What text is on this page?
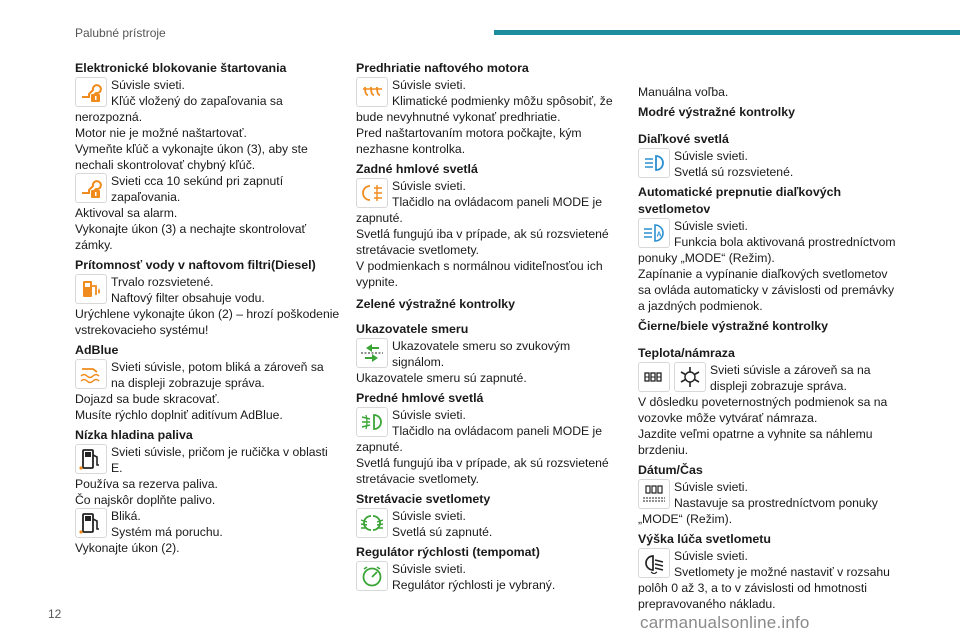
Palubné prístroje
Elektronické blokovanie štartovania
Súvisle svieti.
Kľúč vložený do zapaľovania sa
nerozpozná.
Motor nie je možné naštartovať.
Vymeňte kľúč a vykonajte úkon (3), aby ste
nechali skontrolovať chybný kľúč.
Svieti cca 10 sekúnd pri zapnutí
zapaľovania.
Aktivoval sa alarm.
Vykonajte úkon (3) a nechajte skontrolovať
zámky.
Prítomnosť vody v naftovom filtri(Diesel)
Trvalo rozsvietené.
Naftový filter obsahuje vodu.
Urýchlene vykonajte úkon (2) – hrozí poškodenie
vstrekovacieho systému!
AdBlue
Svieti súvisle, potom bliká a zároveň sa
na displeji zobrazuje správa.
Dojazd sa bude skracovať.
Musíte rýchlo doplniť aditívum AdBlue.
Nízka hladina paliva
Svieti súvisle, pričom je ručička v oblasti
E.
Používa sa rezerva paliva.
Čo najskôr doplňte palivo.
Bliká.
Systém má poruchu.
Vykonajte úkon (2).
Predhriatie naftového motora
Súvisle svieti.
Klimatické podmienky môžu spôsobiť, že
bude nevyhnutné vykonať predhriatie.
Pred naštartovaním motora počkajte, kým
nezhasne kontrolka.
Zadné hmlové svetlá
Súvisle svieti.
Tlačidlo na ovládacom paneli MODE je
zapnuté.
Svetlá fungujú iba v prípade, ak sú rozsvietené
stretávacie svetlomety.
V podmienkach s normálnou viditeľnosťou ich
vypnite.
Zelené výstražné kontrolky
Ukazovatele smeru
Ukazovatele smeru so zvukovým
signálom.
Ukazovatele smeru sú zapnuté.
Predné hmlové svetlá
Súvisle svieti.
Tlačidlo na ovládacom paneli MODE je
zapnuté.
Svetlá fungujú iba v prípade, ak sú rozsvietené
stretávacie svetlomety.
Stretávacie svetlomety
Súvisle svieti.
Svetlá sú zapnuté.
Regulátor rýchlosti (tempomat)
Súvisle svieti.
Regulátor rýchlosti je vybraný.
Manuálna voľba.
Modré výstražné kontrolky
Diaľkové svetlá
Súvisle svieti.
Svetlá sú rozsvietené.
Automatické prepnutie diaľkových
svetlometov
A
Súvisle svieti.
Funkcia bola aktivovaná prostredníctvom
ponuky „MODE“ (Režim).
Zapínanie a vypínanie diaľkových svetlometov
sa ovláda automaticky v závislosti od premávky
a jazdných podmienok.
Čierne/biele výstražné kontrolky
Teplota/námraza
Svieti súvisle a zároveň sa na
displeji zobrazuje správa.
V dôsledku poveternostných podmienok sa na
vozovke môže vytvárať námraza.
Jazdite veľmi opatrne a vyhnite sa náhlemu
brzdeniu.
Dátum/Čas
Súvisle svieti.
Nastavuje sa prostredníctvom ponuky
„MODE“ (Režim).
Výška lúča svetlometu
Súvisle svieti.
Svetlomety je možné nastaviť v rozsahu
polôh 0 až 3, a to v závislosti od hmotnosti
prepravovaného nákladu.
12	carmanualsonline.info
